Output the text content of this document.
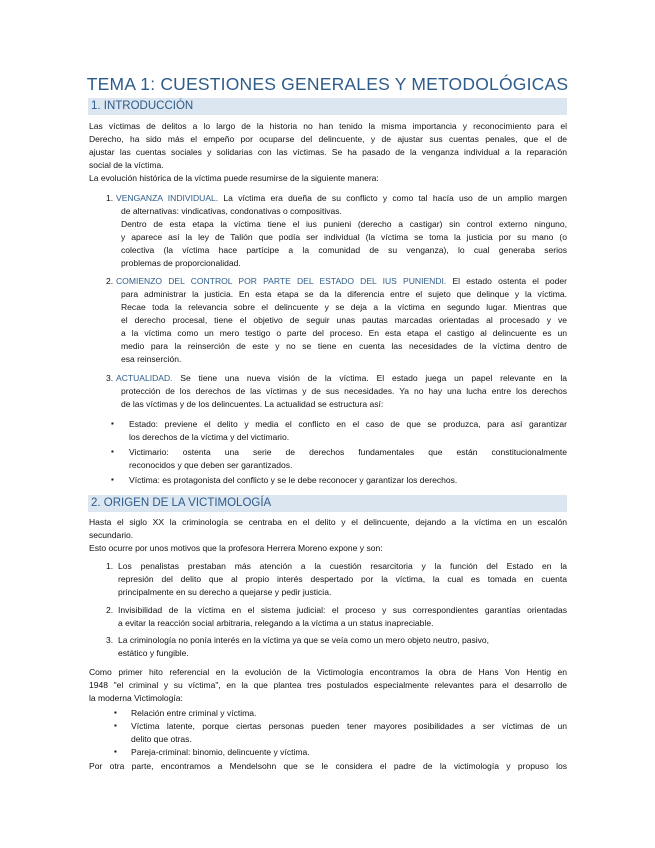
TEMA 1: CUESTIONES GENERALES Y METODOLÓGICAS
1. INTRODUCCIÓN
Las víctimas de delitos a lo largo de la historia no han tenido la misma importancia y reconocimiento para el
Derecho, ha sido más el empeño por ocuparse del delincuente, y de ajustar sus cuentas penales, que el de
ajustar las cuentas sociales y solidarias con las víctimas. Se ha pasado de la venganza individual a la reparación
social de la víctima.
La evolución histórica de la víctima puede resumirse de la siguiente manera:
1. VENGANZA INDIVIDUAL. La víctima era dueña de su conflicto y como tal hacía uso de un amplio margen
de alternativas: vindicativas, condonativas o compositivas.
Dentro de esta etapa la víctima tiene el ius punieni (derecho a castigar) sin control externo ninguno,
y aparece así la ley de Talión que podía ser individual (la víctima se toma la justicia por su mano (o
colectiva (la víctima hace partícipe a la comunidad de su venganza), lo cual generaba serios
problemas de proporcionalidad.
2. COMIENZO DEL CONTROL POR PARTE DEL ESTADO DEL IUS PUNIENDI. El estado ostenta el poder
para administrar la justicia. En esta etapa se da la diferencia entre el sujeto que delinque y la víctima.
Recae toda la relevancia sobre el delincuente y se deja a la víctima en segundo lugar. Mientras que
el derecho procesal, tiene el objetivo de seguir unas pautas marcadas orientadas al procesado y ve
a la víctima como un mero testigo o parte del proceso. En esta etapa el castigo al delincuente es un
medio para la reinserción de este y no se tiene en cuenta las necesidades de la víctima dentro de
esa reinserción.
3. ACTUALIDAD. Se tiene una nueva visión de la víctima. El estado juega un papel relevante en la
protección de los derechos de las víctimas y de sus necesidades. Ya no hay una lucha entre los derechos
de las víctimas y de los delincuentes. La actualidad se estructura así:
▪ Estado: previene el delito y media el conflicto en el caso de que se produzca, para así garantizar
los derechos de la víctima y del victimario.
▪ Victimario: ostenta una serie de derechos fundamentales que están constitucionalmente
reconocidos y que deben ser garantizados.
▪ Víctima: es protagonista del conflicto y se le debe reconocer y garantizar los derechos.
2. ORIGEN DE LA VICTIMOLOGÍA
Hasta el siglo XX la criminología se centraba en el delito y el delincuente, dejando a la víctima en un escalón
secundario.
Esto ocurre por unos motivos que la profesora Herrera Moreno expone y son:
1. Los penalistas prestaban más atención a la cuestión resarcitoria y la función del Estado en la
represión del delito que al propio interés despertado por la víctima, la cual es tomada en cuenta
principalmente en su derecho a quejarse y pedir justicia.
2. Invisibilidad de la víctima en el sistema judicial: el proceso y sus correspondientes garantías orientadas
a evitar la reacción social arbitraria, relegando a la víctima a un status inapreciable.
3. La criminología no ponía interés en la víctima ya que se veía como un mero objeto neutro, pasivo,
estático y fungible.
Como primer hito referencial en la evolución de la Victimología encontramos la obra de Hans Von Hentig en
1948 "el criminal y su víctima", en la que plantea tres postulados especialmente relevantes para el desarrollo de
la moderna Victimología:
▪ Relación entre criminal y víctima.
▪ Víctima latente, porque ciertas personas pueden tener mayores posibilidades a ser víctimas de un
delito que otras.
▪ Pareja-criminal: binomio, delincuente y víctima.
Por otra parte, encontramos a Mendelsohn que se le considera el padre de la victimología y propuso los
